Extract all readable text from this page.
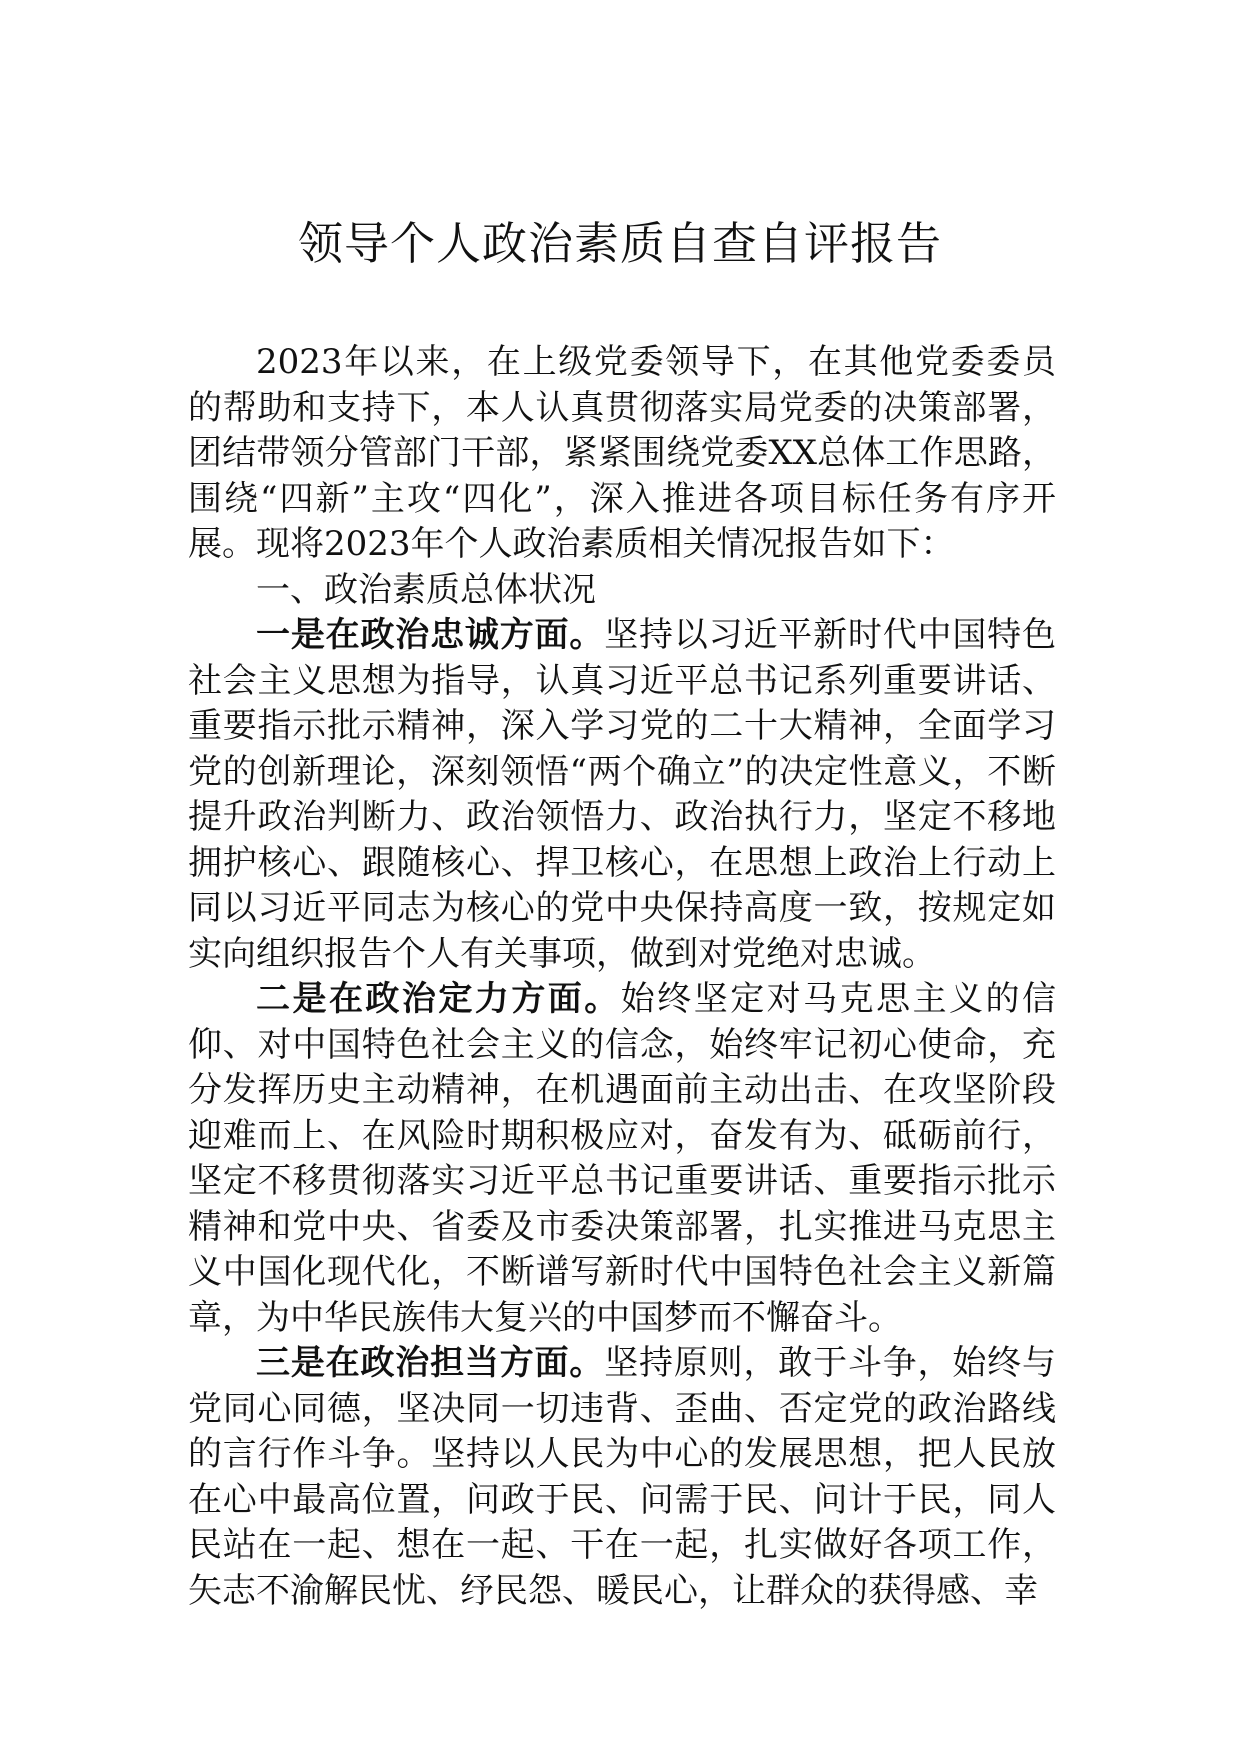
领导个人政治素质自查自评报告

2023年以来，在上级党委领导下，在其他党委委员的帮助和支持下，本人认真贯彻落实局党委的决策部署，团结带领分管部门干部，紧紧围绕党委XX总体工作思路，围绕“四新”主攻“四化”，深入推进各项目标任务有序开展。现将2023年个人政治素质相关情况报告如下：

一、政治素质总体状况

一是在政治忠诚方面。坚持以习近平新时代中国特色社会主义思想为指导，认真习近平总书记系列重要讲话、重要指示批示精神，深入学习党的二十大精神，全面学习党的创新理论，深刻领悟“两个确立”的决定性意义，不断提升政治判断力、政治领悟力、政治执行力，坚定不移地拥护核心、跟随核心、捍卫核心，在思想上政治上行动上同以习近平同志为核心的党中央保持高度一致，按规定如实向组织报告个人有关事项，做到对党绝对忠诚。

二是在政治定力方面。始终坚定对马克思主义的信仰、对中国特色社会主义的信念，始终牢记初心使命，充分发挥历史主动精神，在机遇面前主动出击、在攻坚阶段迎难而上、在风险时期积极应对，奋发有为、砥砺前行，坚定不移贯彻落实习近平总书记重要讲话、重要指示批示精神和党中央、省委及市委决策部署，扎实推进马克思主义中国化现代化，不断谱写新时代中国特色社会主义新篇章，为中华民族伟大复兴的中国梦而不懈奋斗。

三是在政治担当方面。坚持原则，敢于斗争，始终与党同心同德，坚决同一切违背、歪曲、否定党的政治路线的言行作斗争。坚持以人民为中心的发展思想，把人民放在心中最高位置，问政于民、问需于民、问计于民，同人民站在一起、想在一起、干在一起，扎实做好各项工作，矢志不渝解民忧、纾民怨、暖民心，让群众的获得感、幸
